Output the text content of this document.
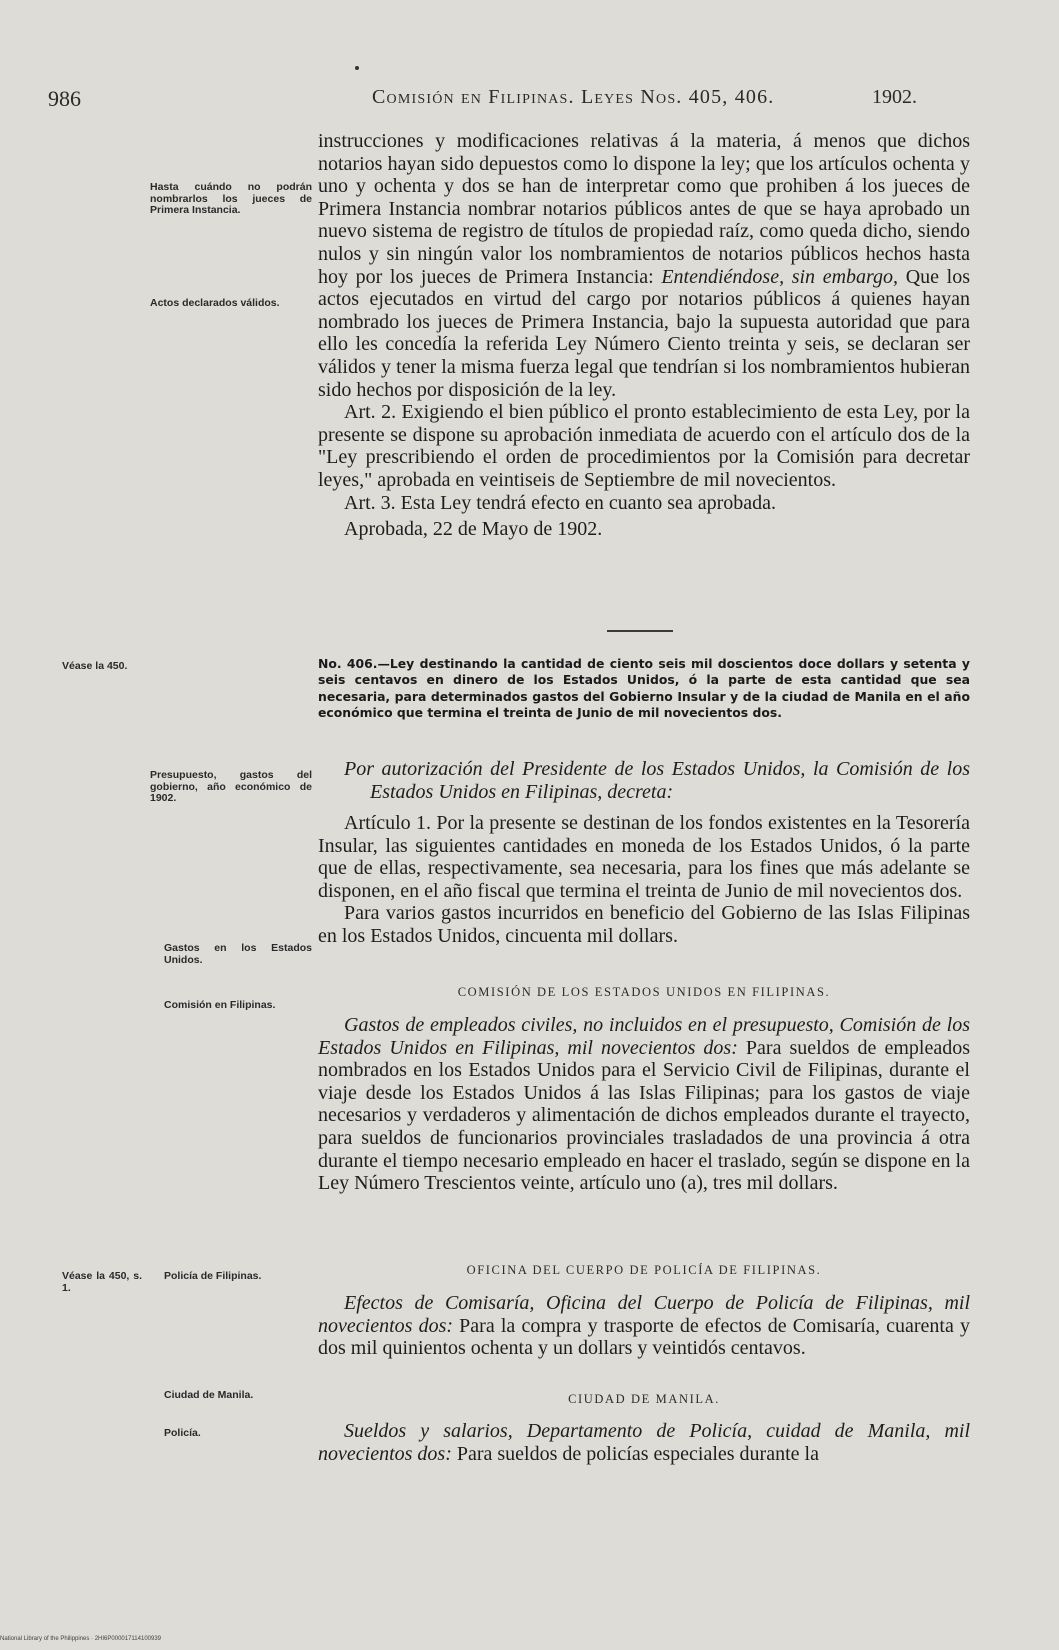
986	Comisión en Filipinas. Leyes Nos. 405, 406.	1902.
Hasta cuándo no podrán nombrarlos los jueces de Primera Instancia.
Actos declarados válidos.
Véase la 450.
Presupuesto, gastos del gobierno, año económico de 1902.
Gastos en los Estados Unidos.
Comisión en Filipinas.
Véase la 450, s. 1.
Policía de Filipinas.
Ciudad de Manila.
Policía.

instrucciones y modificaciones relativas á la materia, á menos que dichos notarios hayan sido depuestos como lo dispone la ley; que los artículos ochenta y uno y ochenta y dos se han de interpretar como que prohiben á los jueces de Primera Instancia nombrar notarios públicos antes de que se haya aprobado un nuevo sistema de registro de títulos de propiedad raíz, como queda dicho, siendo nulos y sin ningún valor los nombramientos de notarios públicos hechos hasta hoy por los jueces de Primera Instancia: Entendiéndose, sin embargo, Que los actos ejecutados en virtud del cargo por notarios públicos á quienes hayan nombrado los jueces de Primera Instancia, bajo la supuesta autoridad que para ello les concedía la referida Ley Número Ciento treinta y seis, se declaran ser válidos y tener la misma fuerza legal que tendrían si los nombramientos hubieran sido hechos por disposición de la ley.

Art. 2. Exigiendo el bien público el pronto establecimiento de esta Ley, por la presente se dispone su aprobación inmediata de acuerdo con el artículo dos de la "Ley prescribiendo el orden de procedimientos por la Comisión para decretar leyes," aprobada en veintiseis de Septiembre de mil novecientos.

Art. 3. Esta Ley tendrá efecto en cuanto sea aprobada.

Aprobada, 22 de Mayo de 1902.

No. 406.—Ley destinando la cantidad de ciento seis mil doscientos doce dollars y setenta y seis centavos en dinero de los Estados Unidos, ó la parte de esta cantidad que sea necesaria, para determinados gastos del Gobierno Insular y de la ciudad de Manila en el año económico que termina el treinta de Junio de mil novecientos dos.

Por autorización del Presidente de los Estados Unidos, la Comisión de los Estados Unidos en Filipinas, decreta:

Artículo 1. Por la presente se destinan de los fondos existentes en la Tesorería Insular, las siguientes cantidades en moneda de los Estados Unidos, ó la parte que de ellas, respectivamente, sea necesaria, para los fines que más adelante se disponen, en el año fiscal que termina el treinta de Junio de mil novecientos dos.

Para varios gastos incurridos en beneficio del Gobierno de las Islas Filipinas en los Estados Unidos, cincuenta mil dollars.

COMISIÓN DE LOS ESTADOS UNIDOS EN FILIPINAS.

Gastos de empleados civiles, no incluidos en el presupuesto, Comisión de los Estados Unidos en Filipinas, mil novecientos dos: Para sueldos de empleados nombrados en los Estados Unidos para el Servicio Civil de Filipinas, durante el viaje desde los Estados Unidos á las Islas Filipinas; para los gastos de viaje necesarios y verdaderos y alimentación de dichos empleados durante el trayecto, para sueldos de funcionarios provinciales trasladados de una provincia á otra durante el tiempo necesario empleado en hacer el traslado, según se dispone en la Ley Número Trescientos veinte, artículo uno (a), tres mil dollars.

OFICINA DEL CUERPO DE POLICÍA DE FILIPINAS.

Efectos de Comisaría, Oficina del Cuerpo de Policía de Filipinas, mil novecientos dos: Para la compra y trasporte de efectos de Comisaría, cuarenta y dos mil quinientos ochenta y un dollars y veintidós centavos.

CIUDAD DE MANILA.

Sueldos y salarios, Departamento de Policía, cuidad de Manila, mil novecientos dos: Para sueldos de policías especiales durante la

National Library of the Philippines · 2HI6P000017114100939
